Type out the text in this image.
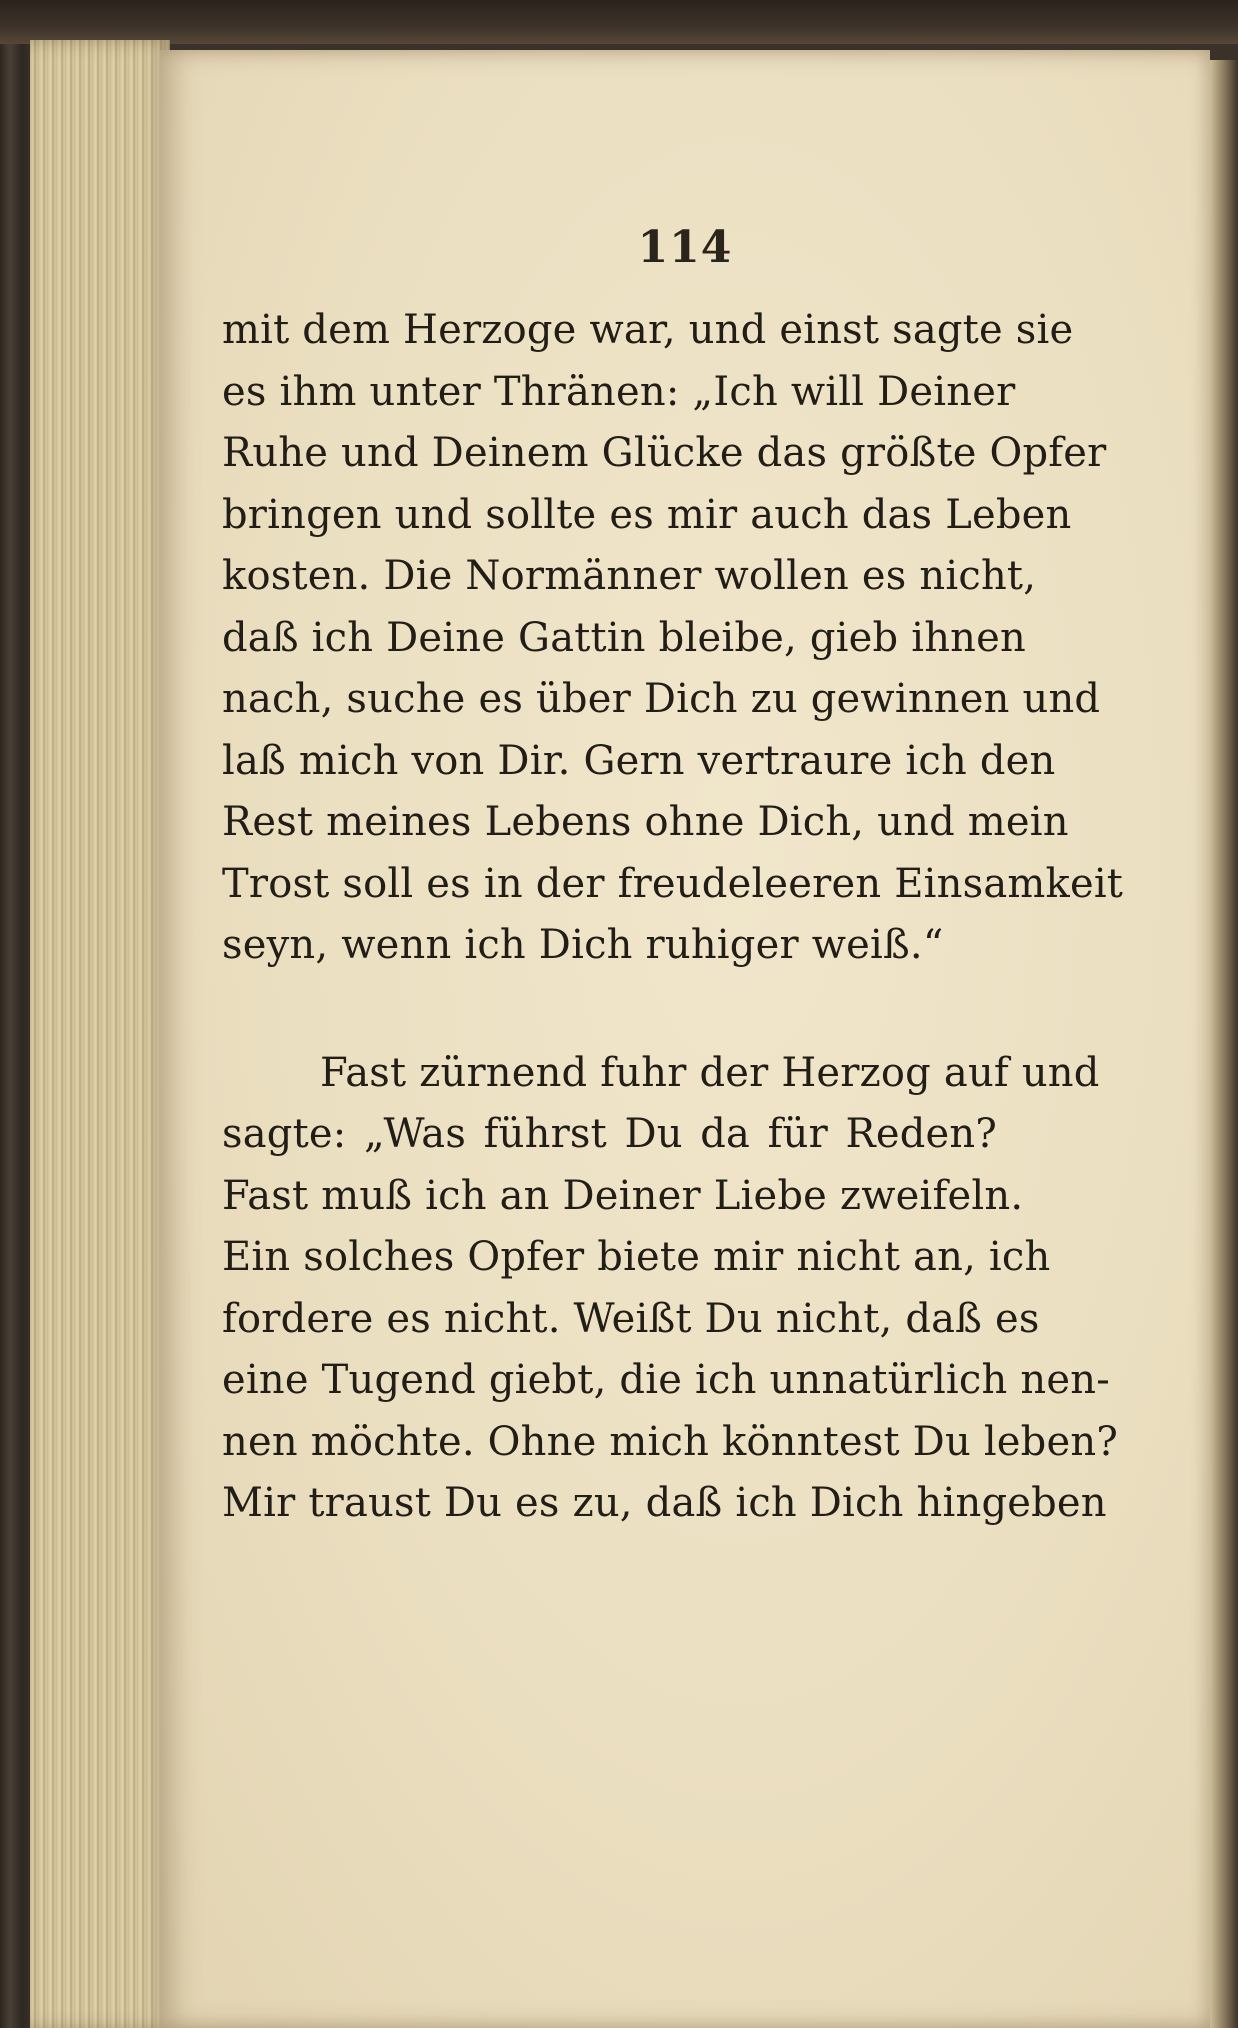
114
mit dem Herzoge war, und einst sagte sie
es ihm unter Thränen: „Ich will Deiner
Ruhe und Deinem Glücke das größte Opfer
bringen und sollte es mir auch das Leben
kosten. Die Normänner wollen es nicht,
daß ich Deine Gattin bleibe, gieb ihnen
nach, suche es über Dich zu gewinnen und
laß mich von Dir. Gern vertraure ich den
Rest meines Lebens ohne Dich, und mein
Trost soll es in der freudeleeren Einsamkeit
seyn, wenn ich Dich ruhiger weiß.“
Fast zürnend fuhr der Herzog auf und
sagte: „Was führst Du da für Reden?
Fast muß ich an Deiner Liebe zweifeln.
Ein solches Opfer biete mir nicht an, ich
fordere es nicht. Weißt Du nicht, daß es
eine Tugend giebt, die ich unnatürlich nen-
nen möchte. Ohne mich könntest Du leben?
Mir traust Du es zu, daß ich Dich hingeben
